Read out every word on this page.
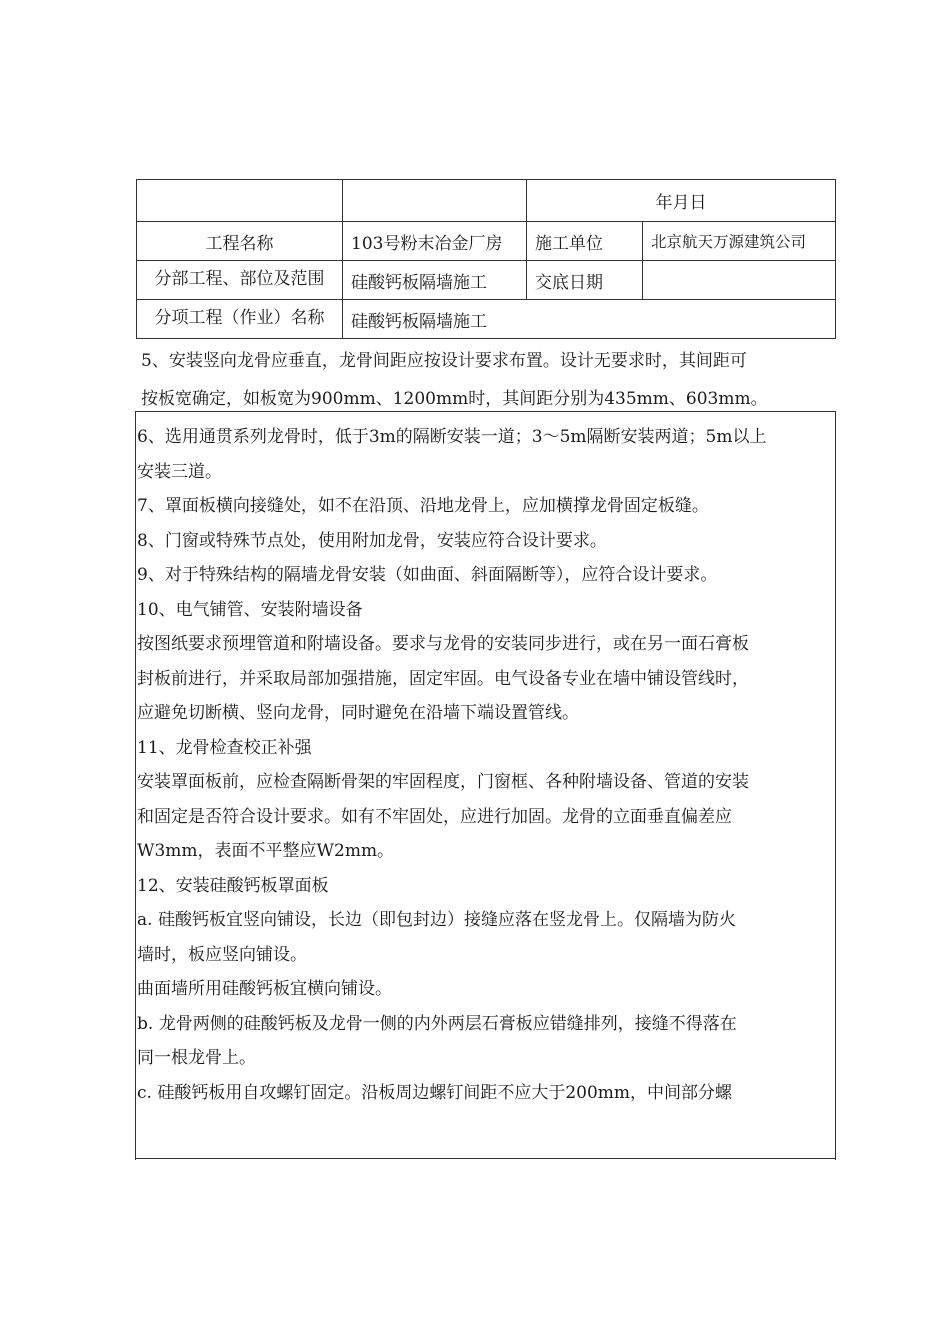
		年月日	
工程名称	103号粉末冶金厂房	施工单位	北京航天万源建筑公司

分部工程、部位及范围	硅酸钙板隔墙施工	交底日期	

分项工程（作业）名称	硅酸钙板隔墙施工		

5、安装竖向龙骨应垂直，龙骨间距应按设计要求布置。设计无要求时，其间距可

按板宽确定，如板宽为900mm、1200mm时，其间距分别为435mm、603mm。

6、选用通贯系列龙骨时，低于3m的隔断安装一道；3〜5m隔断安装两道；5m以上

安装三道。

7、罩面板横向接缝处，如不在沿顶、沿地龙骨上，应加横撑龙骨固定板缝。

8、门窗或特殊节点处，使用附加龙骨，安装应符合设计要求。

9、对于特殊结构的隔墙龙骨安装（如曲面、斜面隔断等），应符合设计要求。

10、电气铺管、安装附墙设备

按图纸要求预埋管道和附墙设备。要求与龙骨的安装同步进行，或在另一面石膏板

封板前进行，并采取局部加强措施，固定牢固。电气设备专业在墙中铺设管线时，

应避免切断横、竖向龙骨，同时避免在沿墙下端设置管线。

11、龙骨检查校正补强

安装罩面板前，应检查隔断骨架的牢固程度，门窗框、各种附墙设备、管道的安装

和固定是否符合设计要求。如有不牢固处，应进行加固。龙骨的立面垂直偏差应

W3mm，表面不平整应W2mm。

12、安装硅酸钙板罩面板

a. 硅酸钙板宜竖向铺设，长边（即包封边）接缝应落在竖龙骨上。仅隔墙为防火

墙时，板应竖向铺设。

曲面墙所用硅酸钙板宜横向铺设。

b. 龙骨两侧的硅酸钙板及龙骨一侧的内外两层石膏板应错缝排列，接缝不得落在

同一根龙骨上。

c. 硅酸钙板用自攻螺钉固定。沿板周边螺钉间距不应大于200mm，中间部分螺
